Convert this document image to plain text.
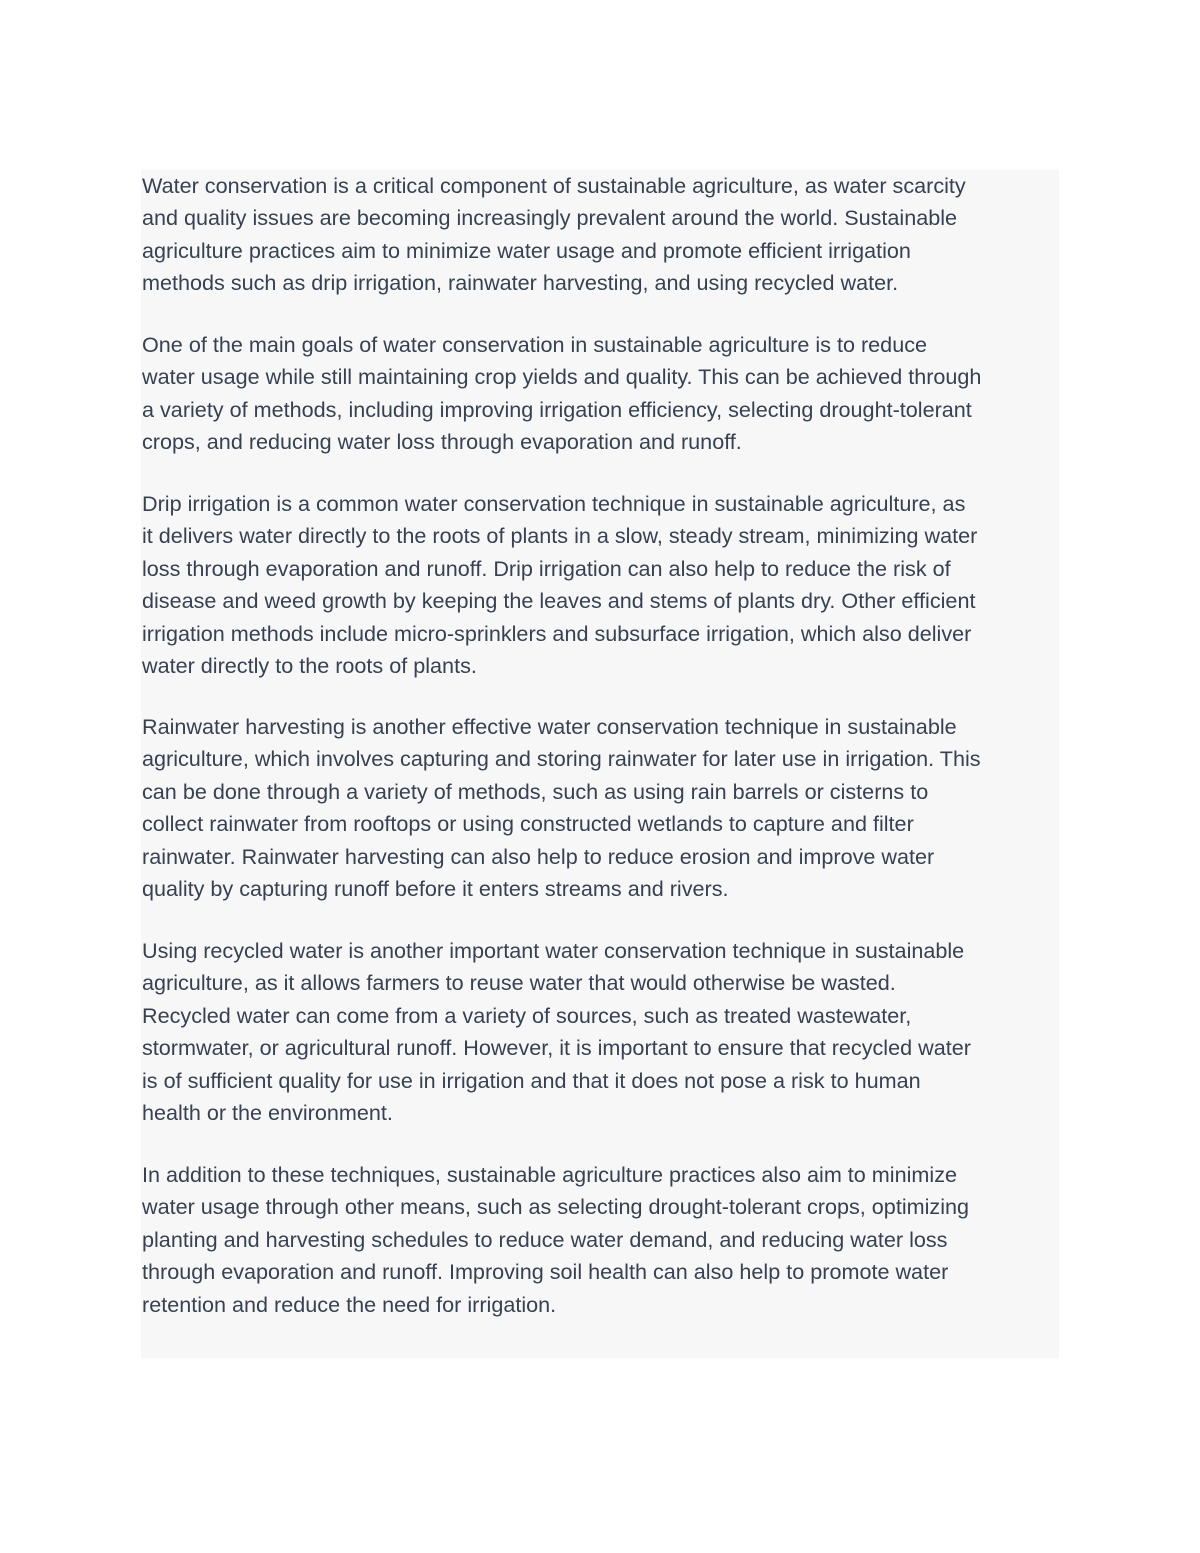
Water conservation is a critical component of sustainable agriculture, as water scarcity
and quality issues are becoming increasingly prevalent around the world. Sustainable
agriculture practices aim to minimize water usage and promote efficient irrigation
methods such as drip irrigation, rainwater harvesting, and using recycled water.

One of the main goals of water conservation in sustainable agriculture is to reduce
water usage while still maintaining crop yields and quality. This can be achieved through
a variety of methods, including improving irrigation efficiency, selecting drought-tolerant
crops, and reducing water loss through evaporation and runoff.

Drip irrigation is a common water conservation technique in sustainable agriculture, as
it delivers water directly to the roots of plants in a slow, steady stream, minimizing water
loss through evaporation and runoff. Drip irrigation can also help to reduce the risk of
disease and weed growth by keeping the leaves and stems of plants dry. Other efficient
irrigation methods include micro-sprinklers and subsurface irrigation, which also deliver
water directly to the roots of plants.

Rainwater harvesting is another effective water conservation technique in sustainable
agriculture, which involves capturing and storing rainwater for later use in irrigation. This
can be done through a variety of methods, such as using rain barrels or cisterns to
collect rainwater from rooftops or using constructed wetlands to capture and filter
rainwater. Rainwater harvesting can also help to reduce erosion and improve water
quality by capturing runoff before it enters streams and rivers.

Using recycled water is another important water conservation technique in sustainable
agriculture, as it allows farmers to reuse water that would otherwise be wasted.
Recycled water can come from a variety of sources, such as treated wastewater,
stormwater, or agricultural runoff. However, it is important to ensure that recycled water
is of sufficient quality for use in irrigation and that it does not pose a risk to human
health or the environment.

In addition to these techniques, sustainable agriculture practices also aim to minimize
water usage through other means, such as selecting drought-tolerant crops, optimizing
planting and harvesting schedules to reduce water demand, and reducing water loss
through evaporation and runoff. Improving soil health can also help to promote water
retention and reduce the need for irrigation.
